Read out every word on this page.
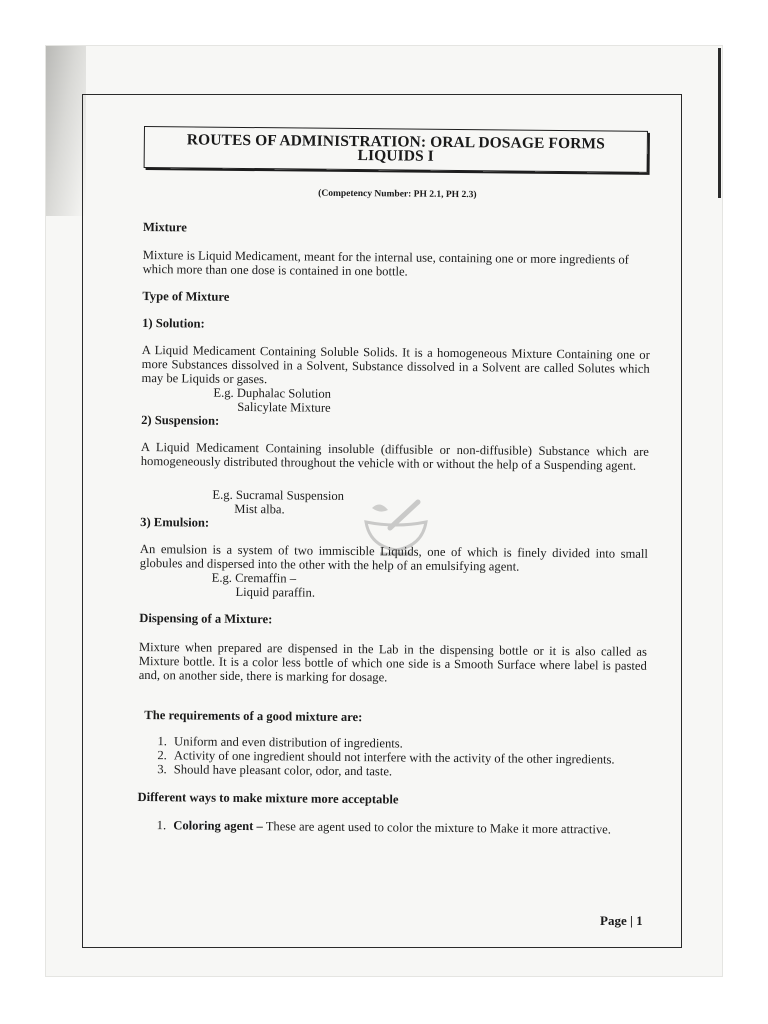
ROUTES OF ADMINISTRATION: ORAL DOSAGE FORMS LIQUIDS I
(Competency Number: PH 2.1, PH 2.3)

Mixture

Mixture is Liquid Medicament, meant for the internal use, containing one or more ingredients of which more than one dose is contained in one bottle.

Type of Mixture

1) Solution:

A Liquid Medicament Containing Soluble Solids. It is a homogeneous Mixture Containing one or more Substances dissolved in a Solvent, Substance dissolved in a Solvent are called Solutes which may be Liquids or gases.

E.g. Duphalac Solution

Salicylate Mixture

2) Suspension:

A Liquid Medicament Containing insoluble (diffusible or non-diffusible) Substance which are homogeneously distributed throughout the vehicle with or without the help of a Suspending agent.

E.g. Sucramal Suspension

Mist alba.

3) Emulsion:

An emulsion is a system of two immiscible Liquids, one of which is finely divided into small globules and dispersed into the other with the help of an emulsifying agent.

E.g. Cremaffin –

Liquid paraffin.

Dispensing of a Mixture:

Mixture when prepared are dispensed in the Lab in the dispensing bottle or it is also called as Mixture bottle. It is a color less bottle of which one side is a Smooth Surface where label is pasted and, on another side, there is marking for dosage.

The requirements of a good mixture are:

1. Uniform and even distribution of ingredients.
2. Activity of one ingredient should not interfere with the activity of the other ingredients.
3. Should have pleasant color, odor, and taste.

Different ways to make mixture more acceptable

1. Coloring agent – These are agent used to color the mixture to Make it more attractive.
Page | 1
